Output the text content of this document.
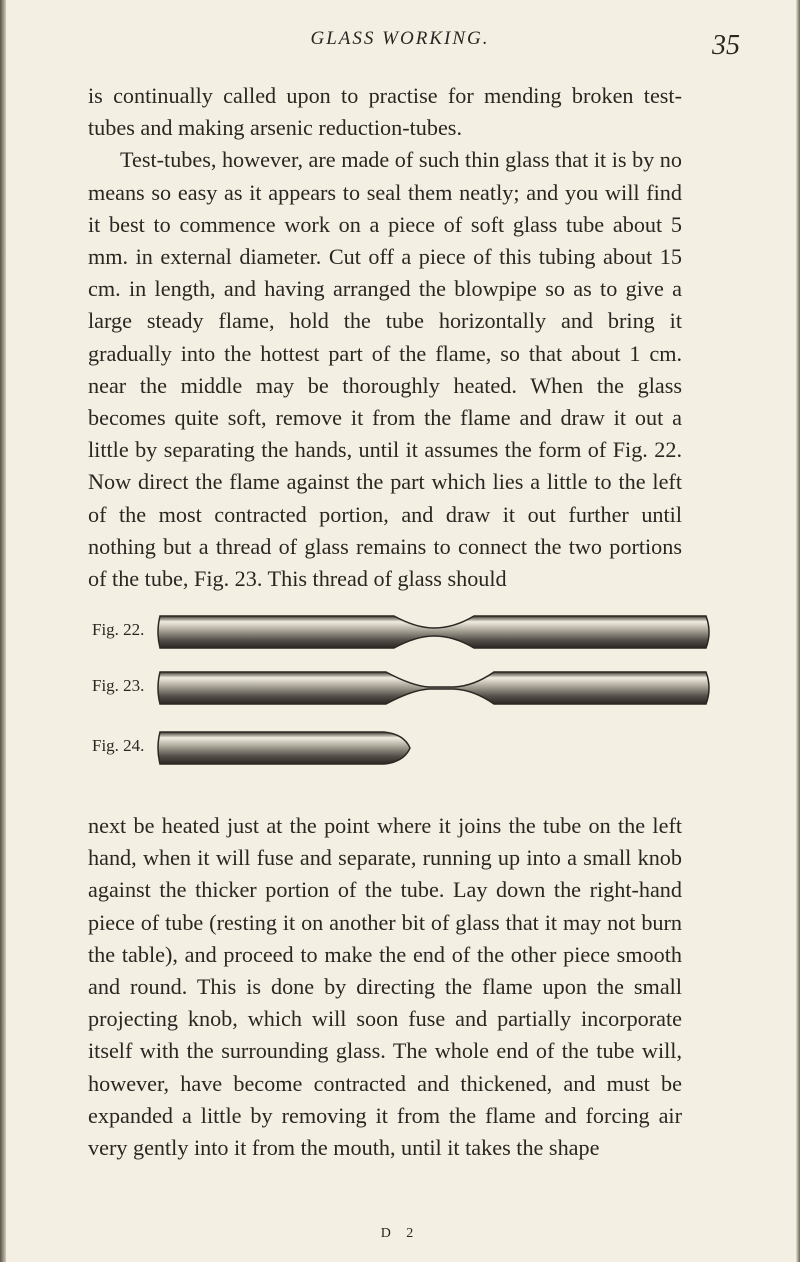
GLASS WORKING.	35

is continually called upon to practise for mending broken test-tubes and making arsenic reduction-tubes.

Test-tubes, however, are made of such thin glass that it is by no means so easy as it appears to seal them neatly; and you will find it best to commence work on a piece of soft glass tube about 5 mm. in external diameter. Cut off a piece of this tubing about 15 cm. in length, and having arranged the blowpipe so as to give a large steady flame, hold the tube horizontally and bring it gradually into the hottest part of the flame, so that about 1 cm. near the middle may be thoroughly heated. When the glass becomes quite soft, remove it from the flame and draw it out a little by separating the hands, until it assumes the form of Fig. 22. Now direct the flame against the part which lies a little to the left of the most contracted portion, and draw it out further until nothing but a thread of glass remains to connect the two portions of the tube, Fig. 23. This thread of glass should

Fig. 22.
Fig. 23.
Fig. 24.

next be heated just at the point where it joins the tube on the left hand, when it will fuse and separate, running up into a small knob against the thicker portion of the tube. Lay down the right-hand piece of tube (resting it on another bit of glass that it may not burn the table), and proceed to make the end of the other piece smooth and round. This is done by directing the flame upon the small projecting knob, which will soon fuse and partially incorporate itself with the surrounding glass. The whole end of the tube will, however, have become contracted and thickened, and must be expanded a little by removing it from the flame and forcing air very gently into it from the mouth, until it takes the shape

D 2
